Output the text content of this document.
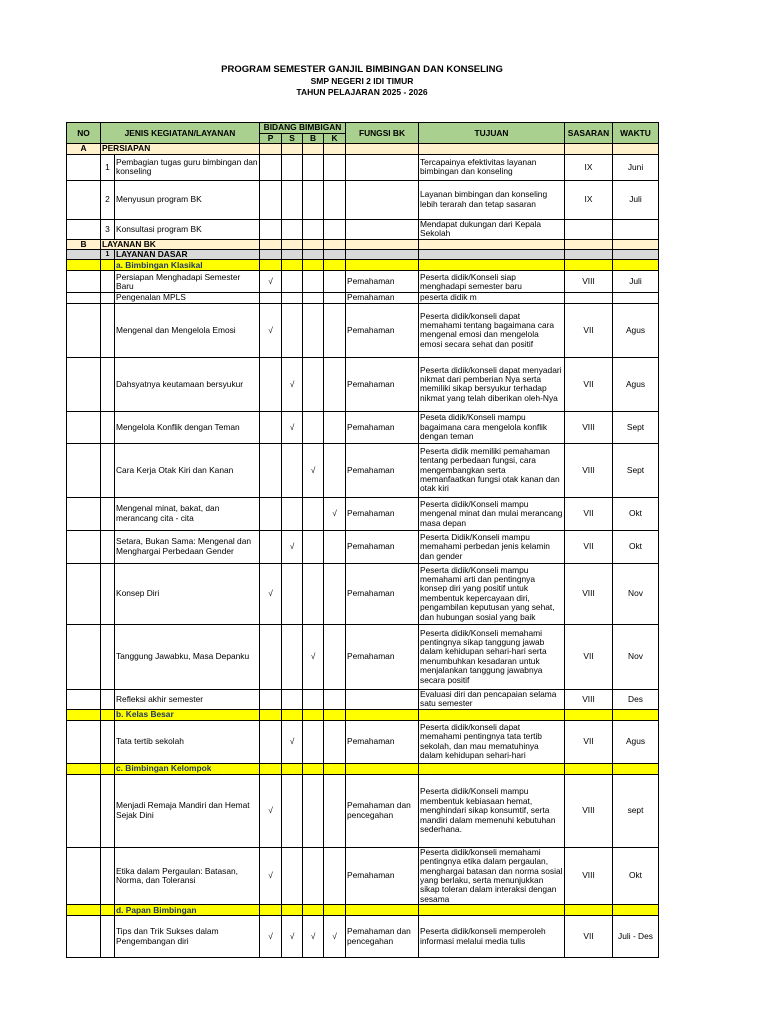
PROGRAM SEMESTER GANJIL BIMBINGAN DAN KONSELING
SMP NEGERI 2 IDI TIMUR
TAHUN PELAJARAN 2025 - 2026
NO	JENIS KEGIATAN/LAYANAN		BIDANG BIMBIGAN				FUNGSI BK	TUJUAN	SASARAN	WAKTU
			P	S	B	K				
A	PERSIAPAN									
	1	Pembagian tugas guru bimbingan dan konseling						Tercapainya efektivitas layanan bimbingan dan konseling	IX	Juni
	2	Menyusun program BK						Layanan bimbingan dan konseling lebih terarah dan tetap sasaran	IX	Juli
	3	Konsultasi program BK						Mendapat dukungan dari Kepala Sekolah		
B	LAYANAN BK									
	1	LAYANAN DASAR								
		a. Bimbingan Klasikal								
		Persiapan Menghadapi Semester Baru	√				Pemahaman	Peserta didik/Konseli siap menghadapi semester baru	VIII	Juli
		Pengenalan MPLS					Pemahaman	peserta didik m		
		Mengenal dan Mengelola Emosi	√				Pemahaman	Peserta didik/konseli dapat memahami tentang bagaimana cara mengenal emosi dan mengelola emosi secara sehat dan positif	VII	Agus
		Dahsyatnya keutamaan bersyukur		√			Pemahaman	Peserta didik/konseli dapat menyadari nikmat dari pemberian Nya serta memiliki sikap bersyukur terhadap nikmat yang telah diberikan oleh-Nya	VII	Agus
		Mengelola Konflik dengan Teman		√			Pemahaman	Peseta didik/Konseli mampu bagaimana cara mengelola konflik dengan teman	VIII	Sept
		Cara Kerja Otak Kiri dan Kanan			√		Pemahaman	Peserta didik memiliki pemahaman tentang perbedaan fungsi, cara mengembangkan serta memanfaatkan fungsi otak kanan dan otak kiri	VIII	Sept
		Mengenal minat, bakat, dan merancang cita - cita				√	Pemahaman	Peserta didik/Konseli mampu mengenal minat dan mulai merancang masa depan	VII	Okt
		Setara, Bukan Sama: Mengenal dan Menghargai Perbedaan Gender		√			Pemahaman	Peserta Didik/Konseli mampu memahami perbedan jenis kelamin dan gender	VII	Okt
		Konsep Diri	√				Pemahaman	Peserta didik/Konseli mampu memahami arti dan pentingnya konsep diri yang positif untuk membentuk kepercayaan diri, pengambilan keputusan yang sehat, dan hubungan sosial yang baik	VIII	Nov
		Tanggung Jawabku, Masa Depanku			√		Pemahaman	Peserta didik/Konseli memahami pentingnya sikap tanggung jawab dalam kehidupan sehari-hari serta menumbuhkan kesadaran untuk menjalankan tanggung jawabnya secara positif	VII	Nov
		Refleksi akhir semester						Evaluasi diri dan pencapaian selama satu semester	VIII	Des
		b. Kelas Besar								
		Tata tertib sekolah		√			Pemahaman	Peserta didik/konseli dapat memahami pentingnya tata tertib sekolah, dan mau mematuhinya dalam kehidupan sehari-hari	VII	Agus
		c. Bimbingan Kelompok								
		Menjadi Remaja Mandiri dan Hemat Sejak Dini	√				Pemahaman dan pencegahan	Peserta didik/Konseli mampu membentuk kebiasaan hemat, menghindari sikap konsumtif, serta mandiri dalam memenuhi kebutuhan sederhana.	VIII	sept
		Etika dalam Pergaulan: Batasan, Norma, dan Toleransi	√				Pemahaman	Peserta didik/konseli memahami pentingnya etika dalam pergaulan, menghargai batasan dan norma sosial yang berlaku, serta menunjukkan sikap toleran dalam interaksi dengan sesama	VIII	Okt
		d. Papan Bimbingan								
		Tips dan Trik Sukses dalam Pengembangan diri	√	√	√	√	Pemahaman dan pencegahan	Peserta didik/konseli memperoleh informasi melalui media tulis	VII	Juli - Des
